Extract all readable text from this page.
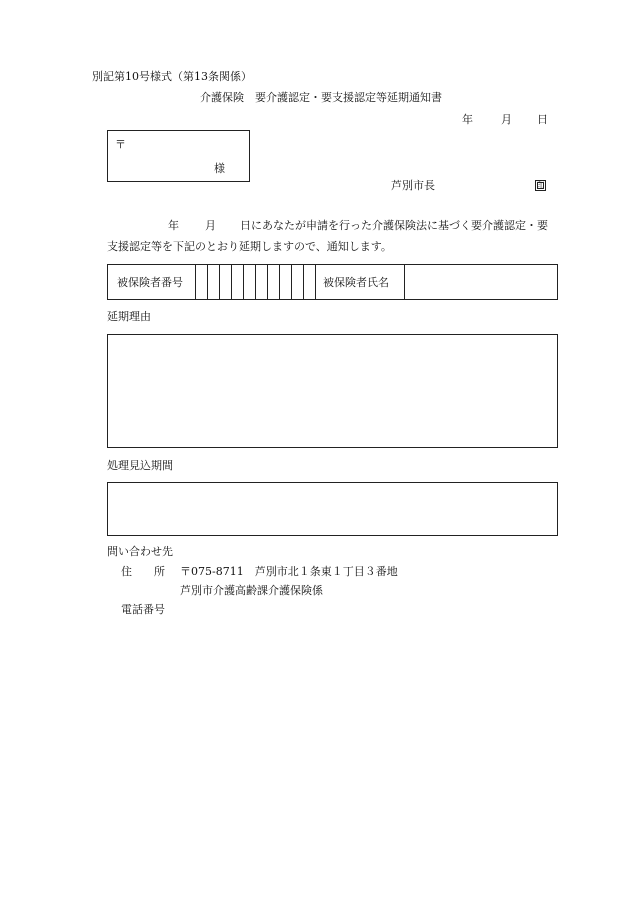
別記第10号様式（第13条関係）
介護保険　要介護認定・要支援認定等延期通知書
年	月 日
〒
様
芦別市長	印
年 月 日にあなたが申請を行った介護保険法に基づく要介護認定・要
支援認定等を下記のとおり延期しますので、通知します。
被保険者番号	被保険者氏名
延期理由
処理見込期間
問い合わせ先
住　　所 〒075-8711　芦別市北１条東１丁目３番地
芦別市介護高齢課介護保険係
電話番号
